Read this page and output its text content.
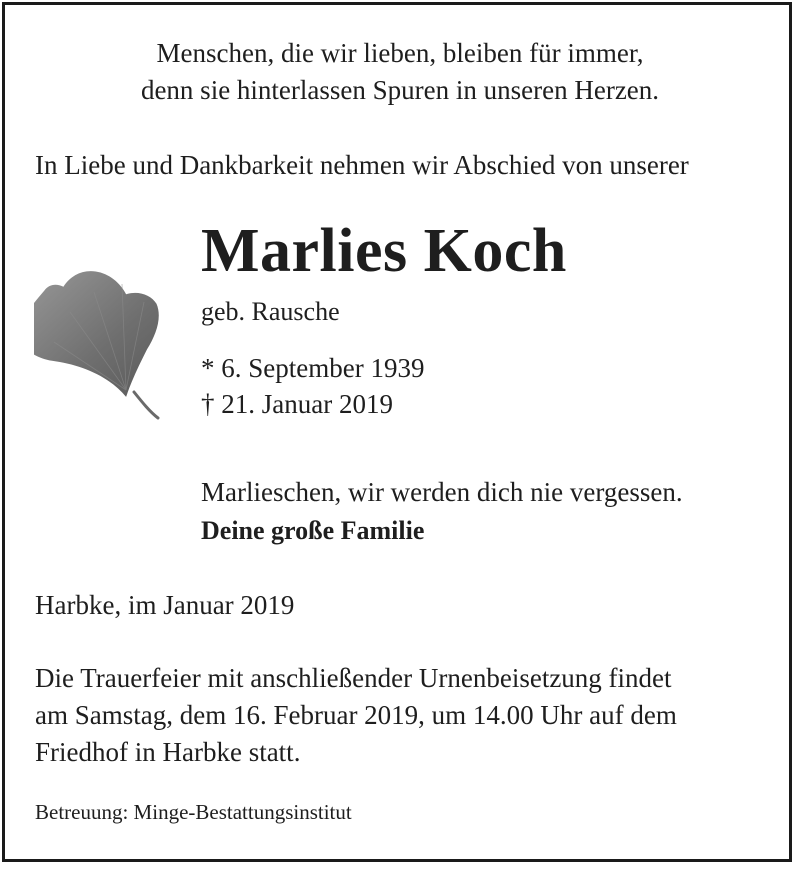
Menschen, die wir lieben, bleiben für immer,
denn sie hinterlassen Spuren in unseren Herzen.
In Liebe und Dankbarkeit nehmen wir Abschied von unserer
Marlies Koch
geb. Rausche
* 6. September 1939
† 21. Januar 2019
Marlieschen, wir werden dich nie vergessen.
Deine große Familie
Harbke, im Januar 2019
Die Trauerfeier mit anschließender Urnenbeisetzung findet
am Samstag, dem 16. Februar 2019, um 14.00 Uhr auf dem
Friedhof in Harbke statt.
Betreuung: Minge-Bestattungsinstitut
